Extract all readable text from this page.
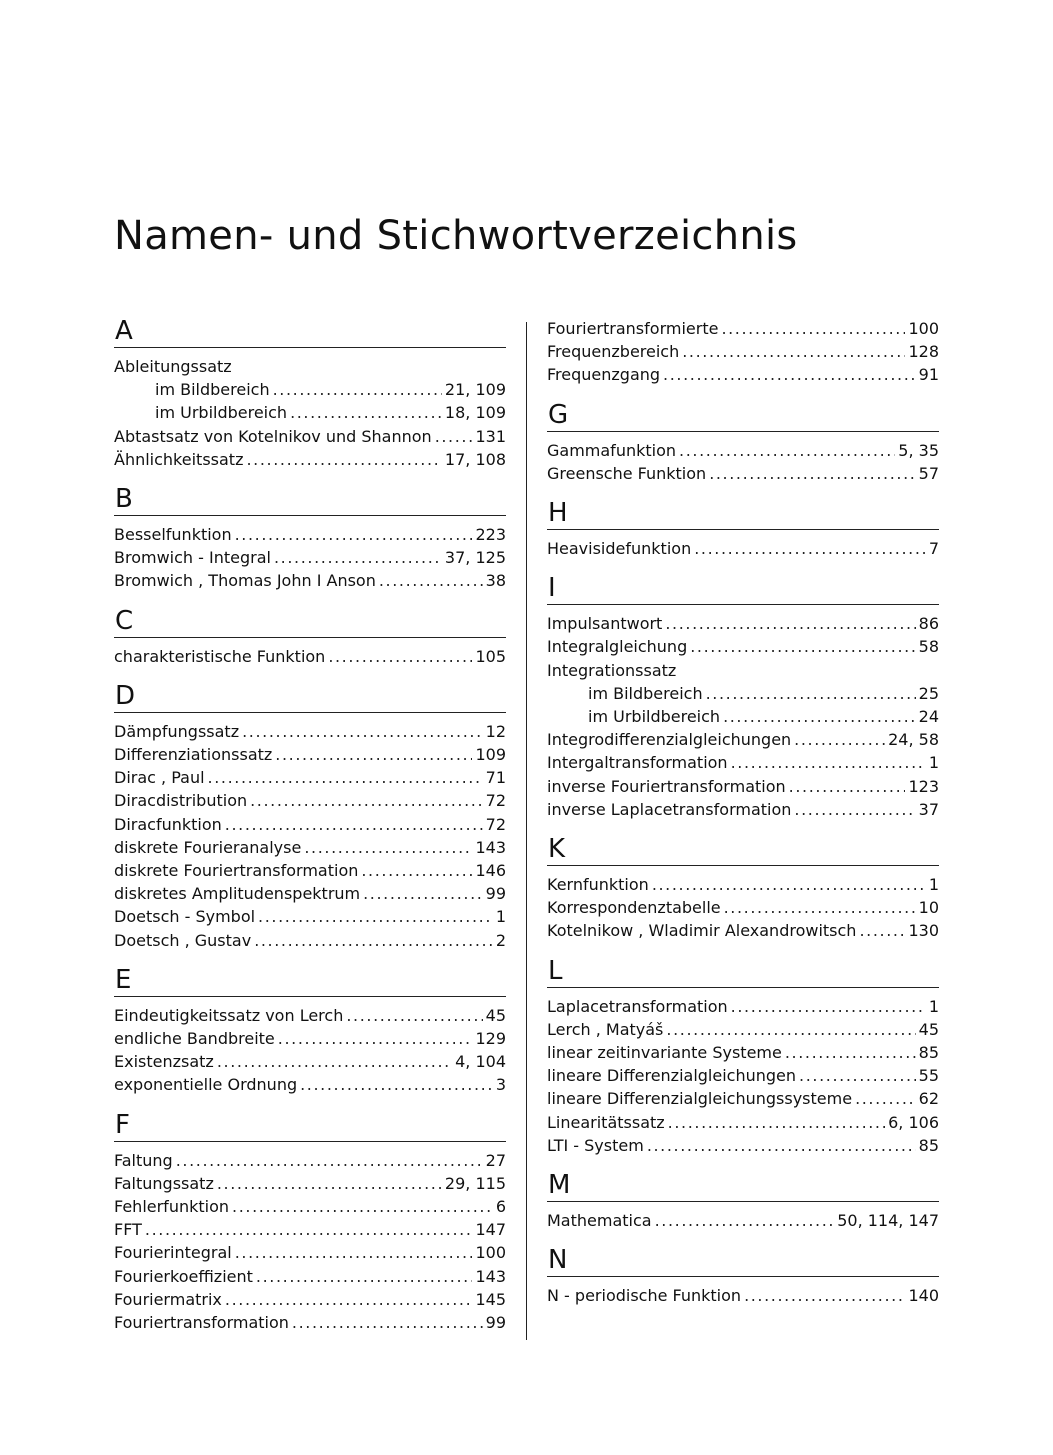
Namen- und Stichwortverzeichnis
A
Ableitungssatz
im Bildbereich .....	21, 109
im Urbildbereich .....	18, 109
Abtastsatz von Kotelnikov und Shannon .....	131
Ähnlichkeitssatz .....	17, 108
B
Besselfunktion .....	223
Bromwich - Integral .....	37, 125
Bromwich , Thomas John I Anson .....	38
C
charakteristische Funktion .....	105
D
Dämpfungssatz .....	12
Differenziationssatz .....	109
Dirac , Paul .....	71
Diracdistribution .....	72
Diracfunktion .....	72
diskrete Fourieranalyse .....	143
diskrete Fouriertransformation .....	146
diskretes Amplitudenspektrum .....	99
Doetsch - Symbol .....	1
Doetsch , Gustav .....	2
E
Eindeutigkeitssatz von Lerch .....	45
endliche Bandbreite .....	129
Existenzsatz .....	4, 104
exponentielle Ordnung .....	3
F
Faltung .....	27
Faltungssatz .....	29, 115
Fehlerfunktion .....	6
FFT .....	147
Fourierintegral .....	100
Fourierkoeffizient .....	143
Fouriermatrix .....	145
Fouriertransformation .....	99
Fouriertransformierte .....	100
Frequenzbereich .....	128
Frequenzgang .....	91
G
Gammafunktion .....	5, 35
Greensche Funktion .....	57
H
Heavisidefunktion .....	7
I
Impulsantwort .....	86
Integralgleichung .....	58
Integrationssatz
im Bildbereich .....	25
im Urbildbereich .....	24
Integrodifferenzialgleichungen .....	24, 58
Intergaltransformation .....	1
inverse Fouriertransformation .....	123
inverse Laplacetransformation .....	37
K
Kernfunktion .....	1
Korrespondenztabelle .....	10
Kotelnikow , Wladimir Alexandrowitsch .....	130
L
Laplacetransformation .....	1
Lerch , Matyáš .....	45
linear zeitinvariante Systeme .....	85
lineare Differenzialgleichungen .....	55
lineare Differenzialgleichungssysteme .....	62
Linearitätssatz .....	6, 106
LTI - System .....	85
M
Mathematica .....	50, 114, 147
N
N - periodische Funktion .....	140
